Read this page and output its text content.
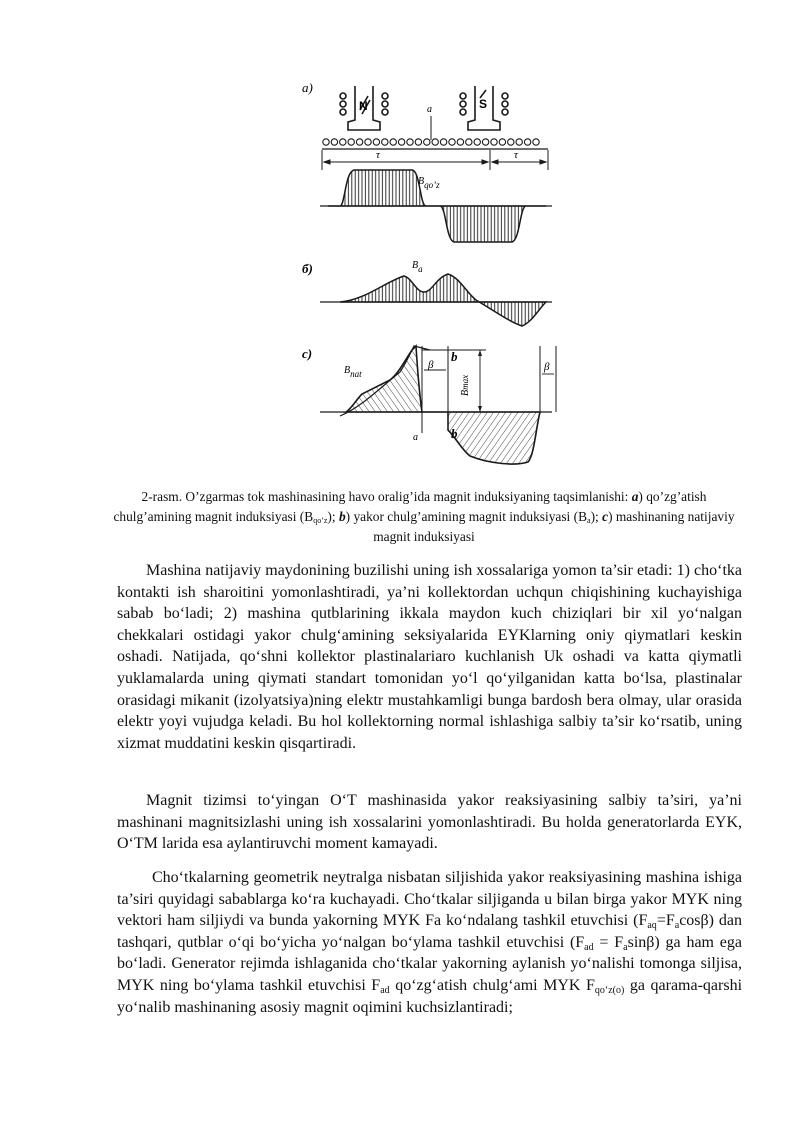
a)
N	S
a
τ	τ
Bqo’z
б)	Ba
c)
Bnat
β
b
Bmax
β
a	b
2-rasm. O’zgarmas tok mashinasining havo oralig’ida magnit induksiyaning taqsimlanishi: a) qo’zg’atish chulg’amining magnit induksiyasi $(B_{qo’z})$; b) yakor chulg’amining magnit induksiyasi $(B_a)$; c) mashinaning natijaviy magnit induksiyasi

Mashina natijaviy maydonining buzilishi uning ish xossalariga yomon ta’sir etadi: 1) cho‘tka kontakti ish sharoitini yomonlashtiradi, ya’ni kollektordan uchqun chiqishining kuchayishiga sabab bo‘ladi; 2) mashina qutblarining ikkala maydon kuch chiziqlari bir xil yo‘nalgan chekkalari ostidagi yakor chulg‘amining seksiyalarida EYKlarning oniy qiymatlari keskin oshadi. Natijada, qo‘shni kollektor plastinalariaro kuchlanish Uk oshadi va katta qiymatli yuklamalarda uning qiymati standart tomonidan yo‘l qo‘yilganidan katta bo‘lsa, plastinalar orasidagi mikanit (izolyatsiya)ning elektr mustahkamligi bunga bardosh bera olmay, ular orasida elektr yoyi vujudga keladi. Bu hol kollektorning normal ishlashiga salbiy ta’sir ko‘rsatib, uning xizmat muddatini keskin qisqartiradi.

Magnit tizimsi to‘yingan O‘T mashinasida yakor reaksiyasining salbiy ta’siri, ya’ni mashinani magnitsizlashi uning ish xossalarini yomonlashtiradi. Bu holda generatorlarda EYK, O‘TM larida esa aylantiruvchi moment kamayadi.

Cho‘tkalarning geometrik neytralga nisbatan siljishida yakor reaksiyasining mashina ishiga ta’siri quyidagi sabablarga ko‘ra kuchayadi. Cho‘tkalar siljiganda u bilan birga yakor MYK ning vektori ham siljiydi va bunda yakorning MYK Fa ko‘ndalang tashkil etuvchisi $(F_{aq}=F_a\cos\beta)$ dan tashqari, qutblar o‘qi bo‘yicha yo‘nalgan bo‘ylama tashkil etuvchisi $(F_{ad} = F_a\sin\beta)$ ga ham ega bo‘ladi. Generator rejimda ishlaganida cho‘tkalar yakorning aylanish yo‘nalishi tomonga siljisa, MYK ning bo‘ylama tashkil etuvchisi $F_{ad}$ qo‘zg‘atish chulg‘ami MYK $F_{qo‘z(o)}$ ga qarama-qarshi yo‘nalib mashinaning asosiy magnit oqimini kuchsizlantiradi;
